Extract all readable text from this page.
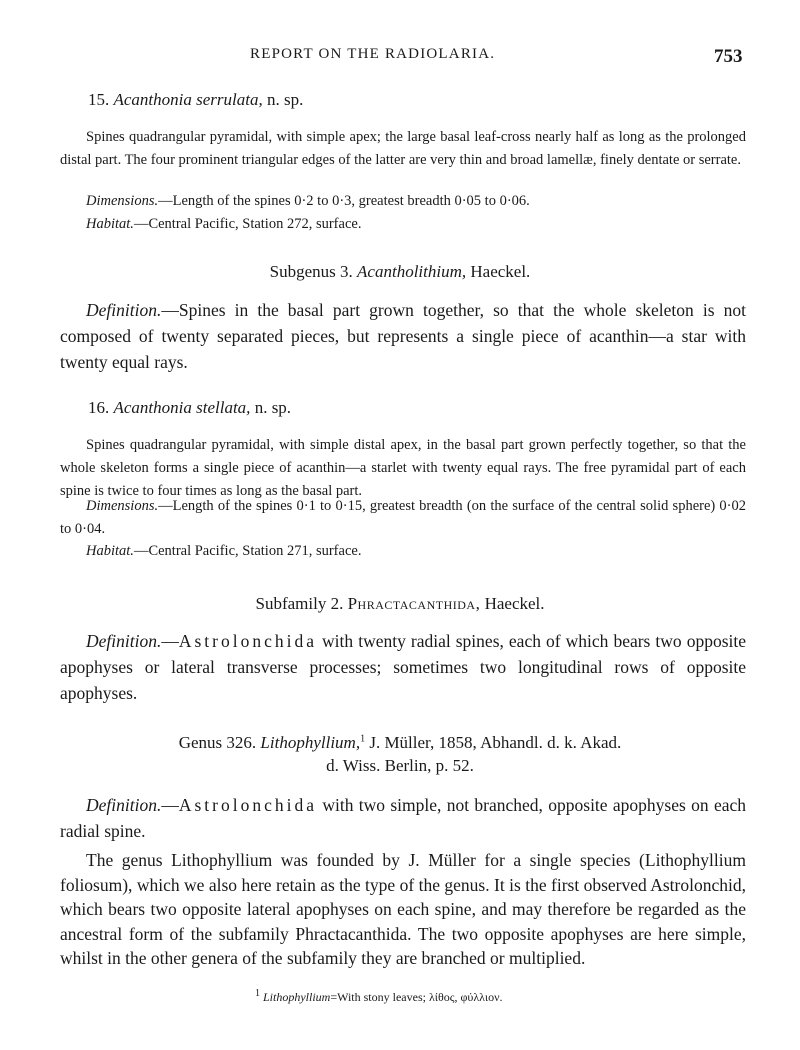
REPORT ON THE RADIOLARIA.	753
15. Acanthonia serrulata, n. sp.
Spines quadrangular pyramidal, with simple apex; the large basal leaf-cross nearly half as long as the prolonged distal part. The four prominent triangular edges of the latter are very thin and broad lamellæ, finely dentate or serrate.
Dimensions.—Length of the spines 0·2 to 0·3, greatest breadth 0·05 to 0·06.
Habitat.—Central Pacific, Station 272, surface.
Subgenus 3. Acantholithium, Haeckel.
Definition.—Spines in the basal part grown together, so that the whole skeleton is not composed of twenty separated pieces, but represents a single piece of acanthin—a star with twenty equal rays.
16. Acanthonia stellata, n. sp.
Spines quadrangular pyramidal, with simple distal apex, in the basal part grown perfectly together, so that the whole skeleton forms a single piece of acanthin—a starlet with twenty equal rays. The free pyramidal part of each spine is twice to four times as long as the basal part.
Dimensions.—Length of the spines 0·1 to 0·15, greatest breadth (on the surface of the central solid sphere) 0·02 to 0·04.
Habitat.—Central Pacific, Station 271, surface.
Subfamily 2. Phractacanthida, Haeckel.
Definition.—Astrolonchida with twenty radial spines, each of which bears two opposite apophyses or lateral transverse processes; sometimes two longitudinal rows of opposite apophyses.
Genus 326. Lithophyllium,$^1$ J. Müller, 1858, Abhandl. d. k. Akad.
d. Wiss. Berlin, p. 52.
Definition.—Astrolonchida with two simple, not branched, opposite apophyses on each radial spine.
The genus Lithophyllium was founded by J. Müller for a single species (Lithophyllium foliosum), which we also here retain as the type of the genus. It is the first observed Astrolonchid, which bears two opposite lateral apophyses on each spine, and may therefore be regarded as the ancestral form of the subfamily Phractacanthida. The two opposite apophyses are here simple, whilst in the other genera of the subfamily they are branched or multiplied.
$^1$ Lithophyllium=With stony leaves; λίθος, φύλλιον.
